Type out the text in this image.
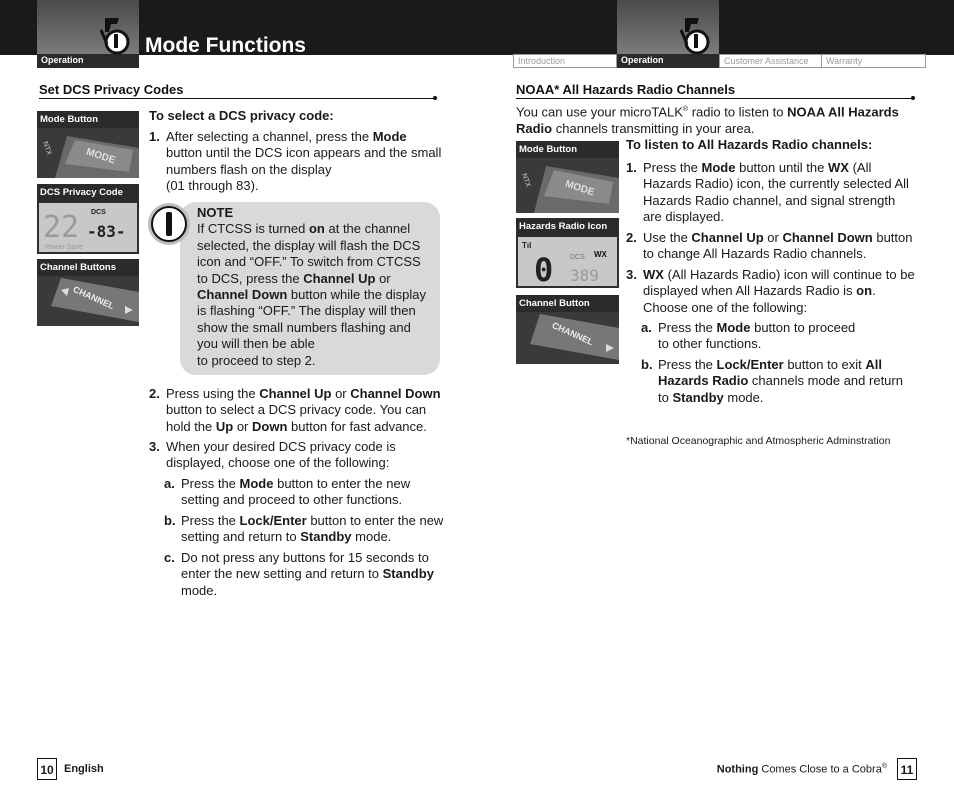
Operation
Mode Functions
Introduction	Operation	Customer Assistance	Warranty
Set DCS Privacy Codes
Mode Button
MODE
NTX
DCS Privacy Code
22 DCS
-83-
Power Save
Channel Buttons
CHANNEL
To select a DCS privacy code:
1. After selecting a channel, press the Mode button until the DCS icon appears and the small numbers flash on the display
(01 through 83).
NOTE
If CTCSS is turned on at the channel selected, the display will flash the DCS icon and “OFF.” To switch from CTCSS to DCS, press the Channel Up or Channel Down button while the display is flashing “OFF.” The display will then show the small numbers flashing and you will then be able
to proceed to step 2.
2. Press using the Channel Up or Channel Down button to select a DCS privacy code. You can hold the Up or Down button for fast advance.
3. When your desired DCS privacy code is displayed, choose one of the following:
a. Press the Mode button to enter the new setting and proceed to other functions.
b. Press the Lock/Enter button to enter the new setting and return to Standby mode.
c. Do not press any buttons for 15 seconds to enter the new setting and return to Standby mode.
10 English
NOAA* All Hazards Radio Channels
You can use your microTALK® radio to listen to NOAA All Hazards Radio channels transmitting in your area.
Mode Button
MODE
NTX
Hazards Radio Icon
Tıl
0 DCS WX
389
Channel Button
CHANNEL
To listen to All Hazards Radio channels:
1. Press the Mode button until the WX (All Hazards Radio) icon, the currently selected All Hazards Radio channel, and signal strength are displayed.
2. Use the Channel Up or Channel Down button to change All Hazards Radio channels.
3. WX (All Hazards Radio) icon will continue to be displayed when All Hazards Radio is on. Choose one of the following:
a. Press the Mode button to proceed
to other functions.
b. Press the Lock/Enter button to exit All Hazards Radio channels mode and return to Standby mode.
*National Oceanographic and Atmospheric Adminstration
Nothing Comes Close to a Cobra®	11
